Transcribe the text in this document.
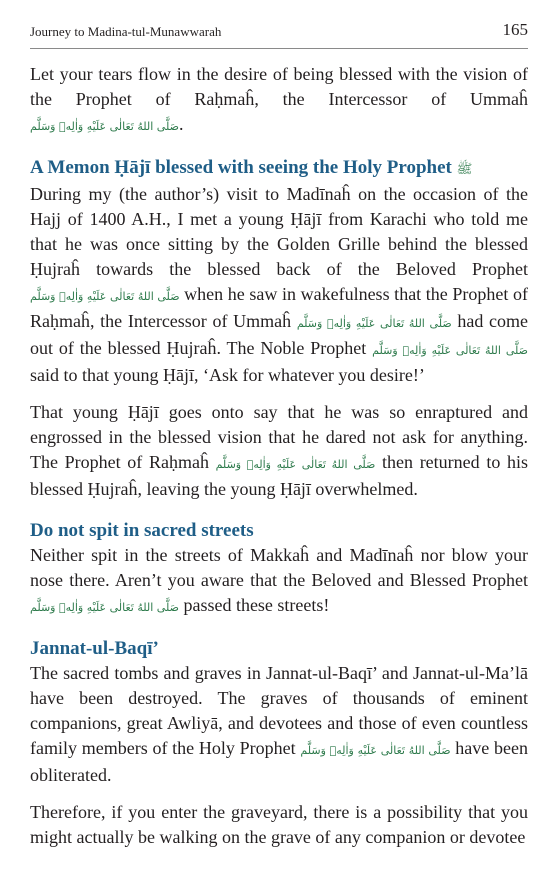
Journey to Madina-tul-Munawwarah	165

Let your tears flow in the desire of being blessed with the vision of the Prophet of Raḥmaĥ, the Intercessor of Ummaĥ صَلَّى اللهُ تَعَالٰى عَلَيْهِ وَاٰلِهٖ وَسَلَّم.

A Memon Ḥājī blessed with seeing the Holy Prophet ﷺ

During my (the author’s) visit to Madīnaĥ on the occasion of the Hajj of 1400 A.H., I met a young Ḥājī from Karachi who told me that he was once sitting by the Golden Grille behind the blessed Ḥujraĥ towards the blessed back of the Beloved Prophet صَلَّى اللهُ تَعَالٰى عَلَيْهِ وَاٰلِهٖ وَسَلَّم when he saw in wakefulness that the Prophet of Raḥmaĥ, the Intercessor of Ummaĥ صَلَّى اللهُ تَعَالٰى عَلَيْهِ وَاٰلِهٖ وَسَلَّم had come out of the blessed Ḥujraĥ. The Noble Prophet صَلَّى اللهُ تَعَالٰى عَلَيْهِ وَاٰلِهٖ وَسَلَّم said to that young Ḥājī, ‘Ask for whatever you desire!’

That young Ḥājī goes onto say that he was so enraptured and engrossed in the blessed vision that he dared not ask for anything. The Prophet of Raḥmaĥ صَلَّى اللهُ تَعَالٰى عَلَيْهِ وَاٰلِهٖ وَسَلَّم then returned to his blessed Ḥujraĥ, leaving the young Ḥājī overwhelmed.

Do not spit in sacred streets

Neither spit in the streets of Makkaĥ and Madīnaĥ nor blow your nose there. Aren’t you aware that the Beloved and Blessed Prophet صَلَّى اللهُ تَعَالٰى عَلَيْهِ وَاٰلِهٖ وَسَلَّم passed these streets!

Jannat-ul-Baqī’

The sacred tombs and graves in Jannat-ul-Baqī’ and Jannat-ul-Ma’lā have been destroyed. The graves of thousands of eminent companions, great Awliyā, and devotees and those of even countless family members of the Holy Prophet صَلَّى اللهُ تَعَالٰى عَلَيْهِ وَاٰلِهٖ وَسَلَّم have been obliterated.

Therefore, if you enter the graveyard, there is a possibility that you might actually be walking on the grave of any companion or devotee
